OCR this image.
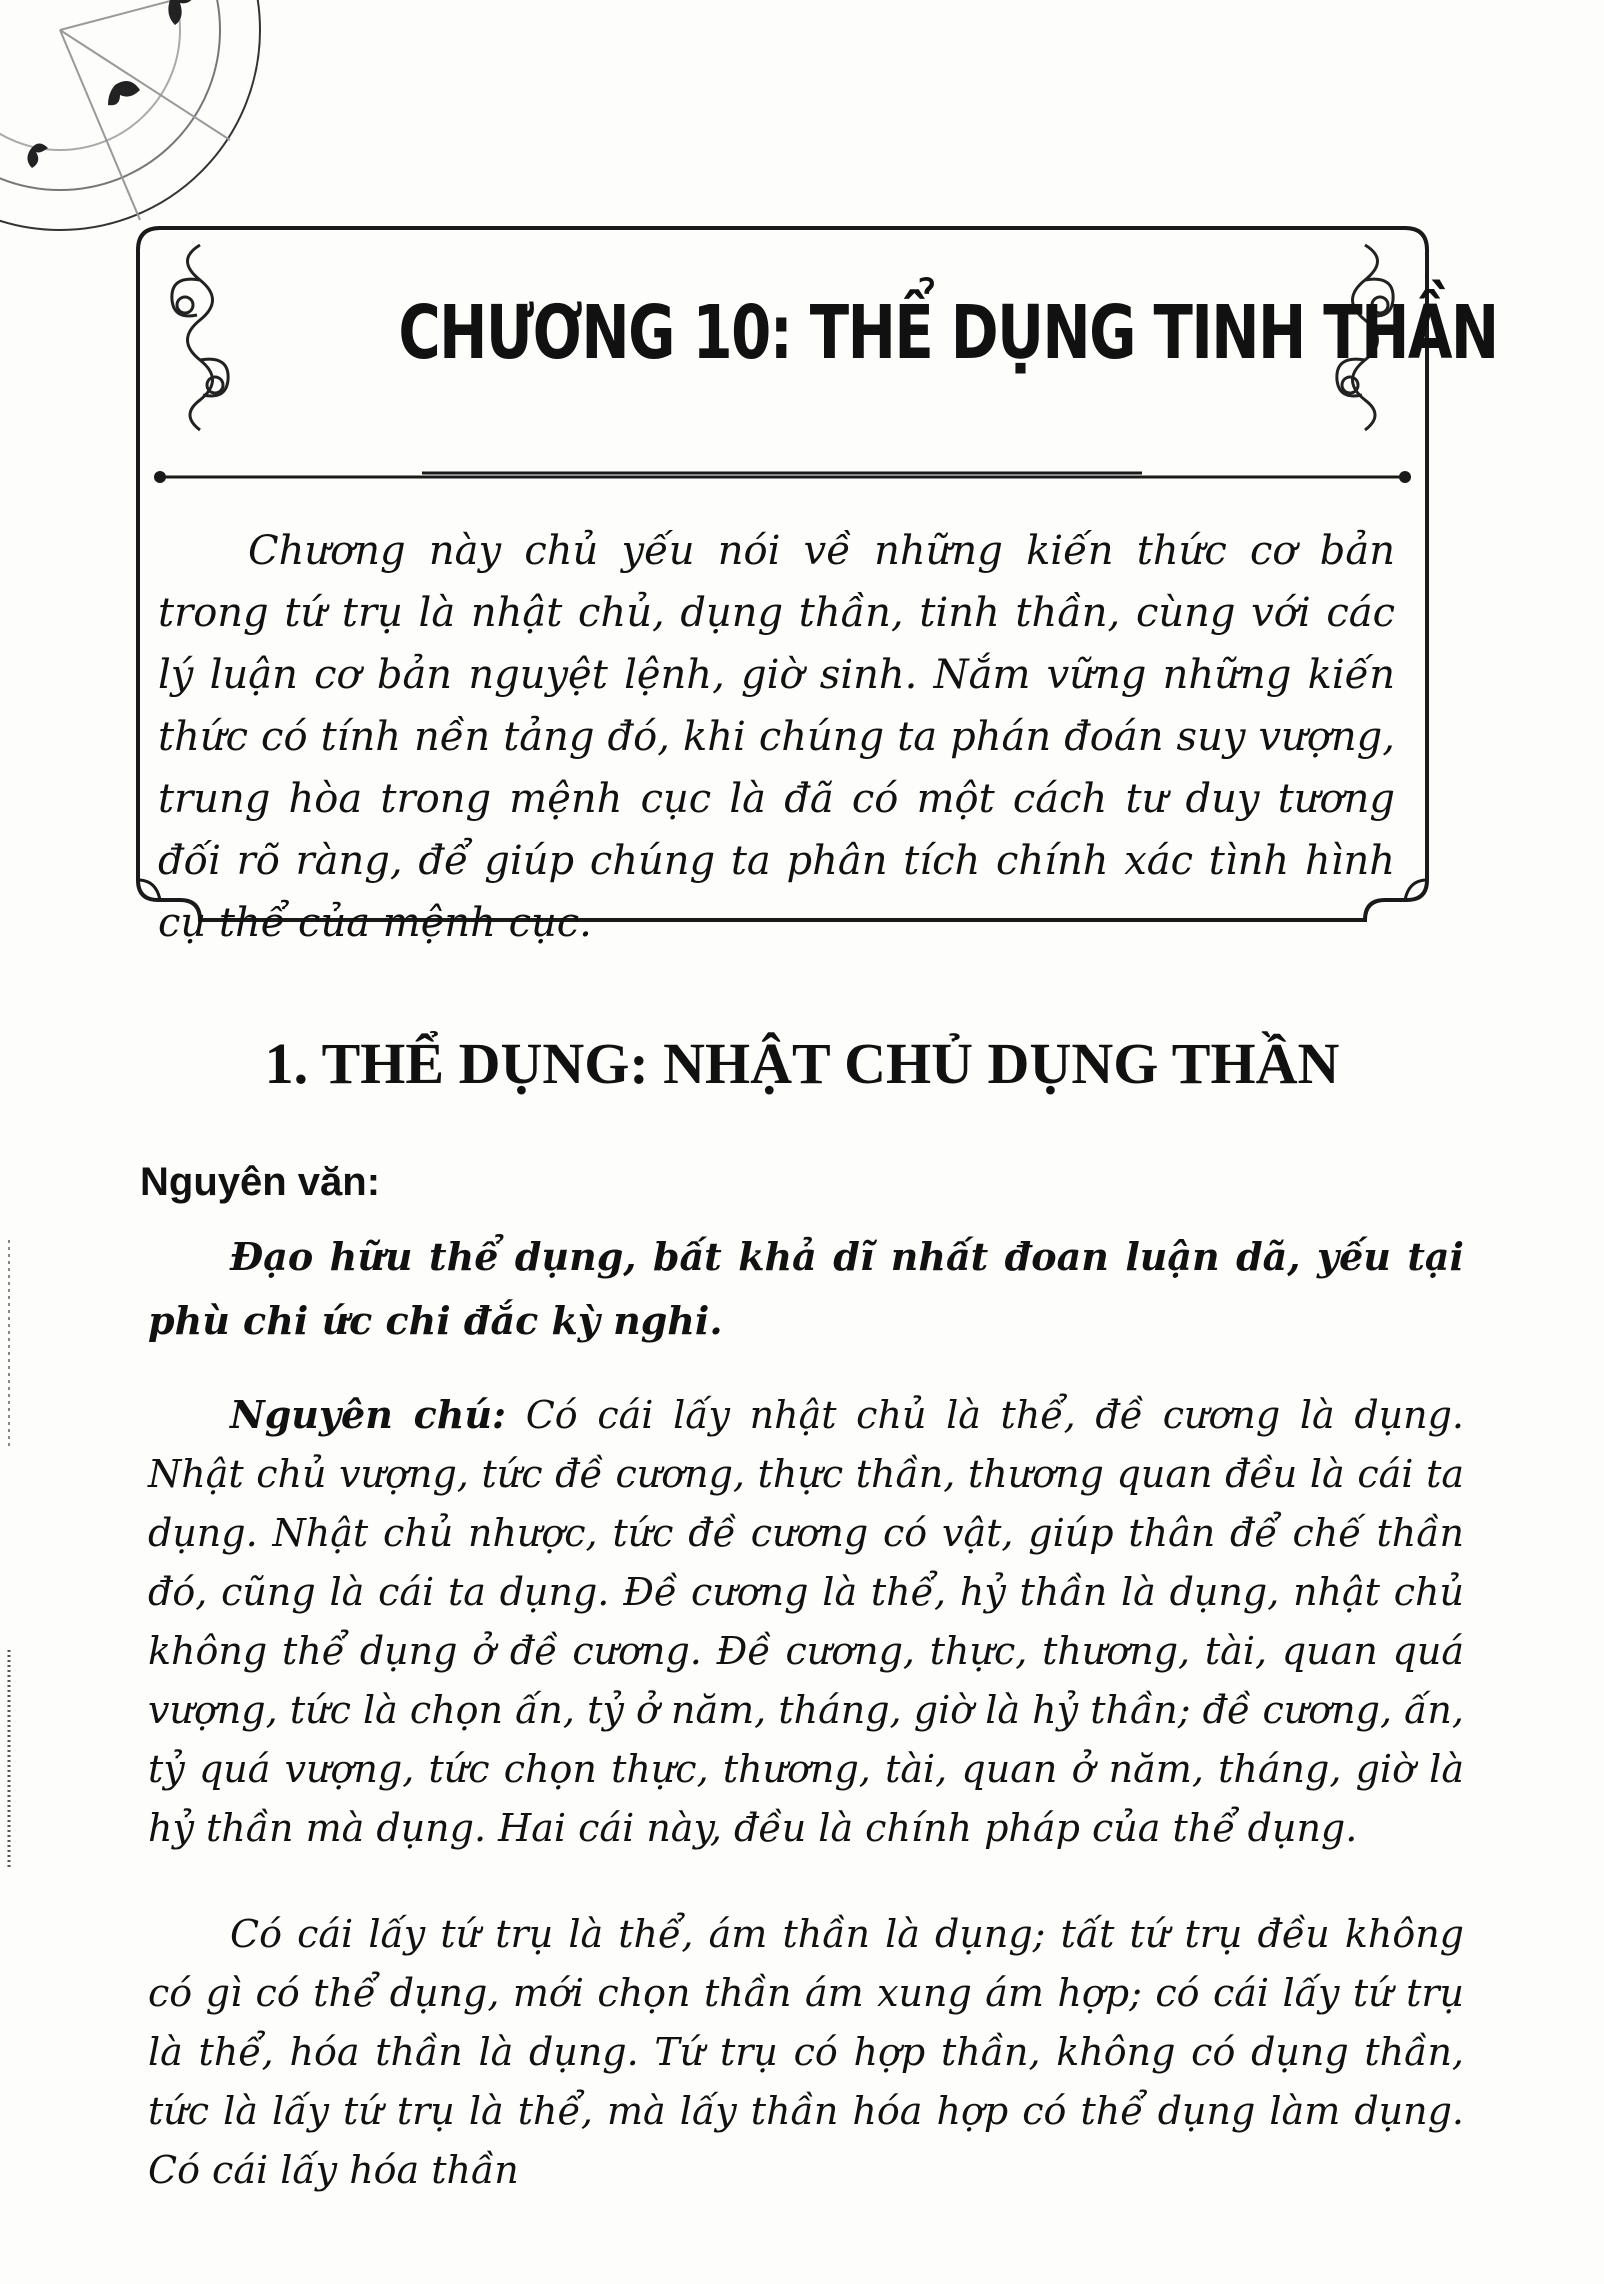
CHƯƠNG 10: THỂ DỤNG TINH THẦN
Chương này chủ yếu nói về những kiến thức cơ bản trong tứ trụ là nhật chủ, dụng thần, tinh thần, cùng với các lý luận cơ bản nguyệt lệnh, giờ sinh. Nắm vững những kiến thức có tính nền tảng đó, khi chúng ta phán đoán suy vượng, trung hòa trong mệnh cục là đã có một cách tư duy tương đối rõ ràng, để giúp chúng ta phân tích chính xác tình hình cụ thể của mệnh cục.
1. THỂ DỤNG: NHẬT CHỦ DỤNG THẦN
Nguyên văn:
Đạo hữu thể dụng, bất khả dĩ nhất đoan luận dã, yếu tại phù chi ức chi đắc kỳ nghi.
Nguyên chú: Có cái lấy nhật chủ là thể, đề cương là dụng. Nhật chủ vượng, tức đề cương, thực thần, thương quan đều là cái ta dụng. Nhật chủ nhược, tức đề cương có vật, giúp thân để chế thần đó, cũng là cái ta dụng. Đề cương là thể, hỷ thần là dụng, nhật chủ không thể dụng ở đề cương. Đề cương, thực, thương, tài, quan quá vượng, tức là chọn ấn, tỷ ở năm, tháng, giờ là hỷ thần; đề cương, ấn, tỷ quá vượng, tức chọn thực, thương, tài, quan ở năm, tháng, giờ là hỷ thần mà dụng. Hai cái này, đều là chính pháp của thể dụng.
Có cái lấy tứ trụ là thể, ám thần là dụng; tất tứ trụ đều không có gì có thể dụng, mới chọn thần ám xung ám hợp; có cái lấy tứ trụ là thể, hóa thần là dụng. Tứ trụ có hợp thần, không có dụng thần, tức là lấy tứ trụ là thể, mà lấy thần hóa hợp có thể dụng làm dụng. Có cái lấy hóa thần
